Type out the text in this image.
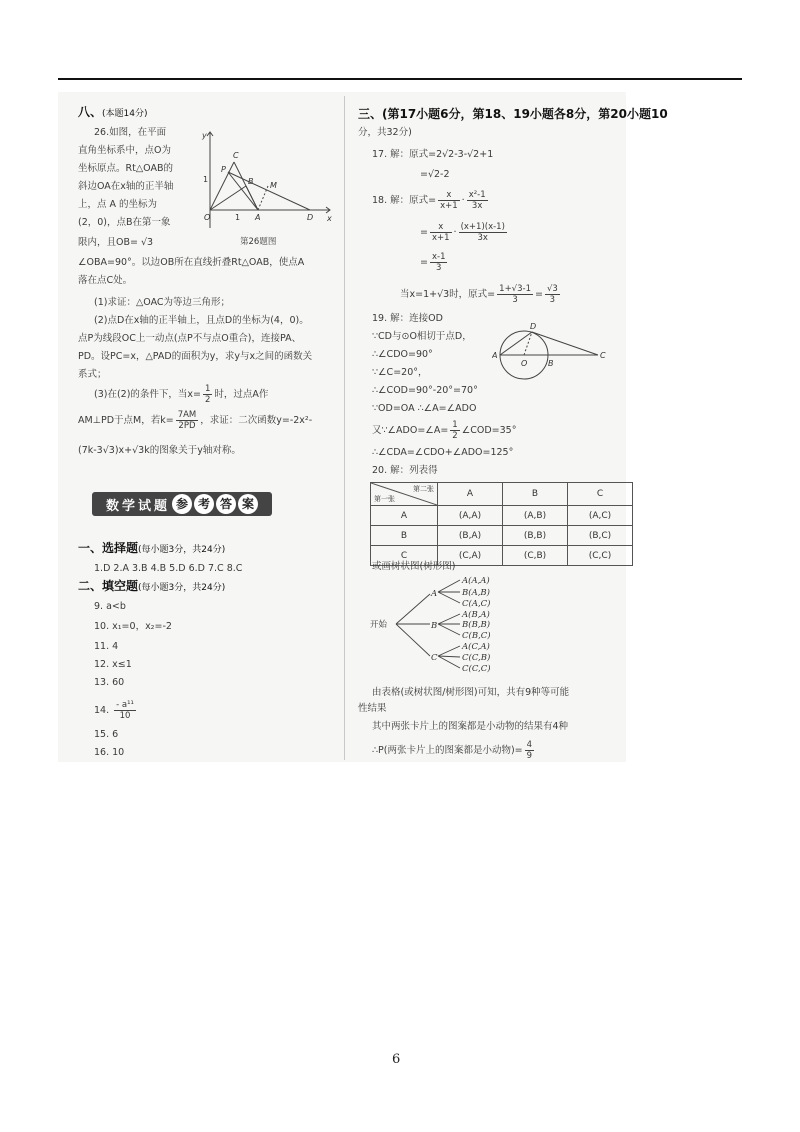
八、(本题14分)
26.如图，在平面
直角坐标系中，点O为
坐标原点。Rt△OAB的
斜边OA在x轴的正半轴
上，点 A 的坐标为
(2，0)，点B在第一象
限内，且OB= √3
y
x
O	A	D
C
B M
P
1
1
第26题图
∠OBA=90°。以边OB所在直线折叠Rt△OAB，使点A
落在点C处。
(1)求证：△OAC为等边三角形；
(2)点D在x轴的正半轴上，且点D的坐标为(4，0)。
点P为线段OC上一动点(点P不与点O重合)，连接PA、
PD。设PC=x，△PAD的面积为y，求y与x之间的函数关
系式；
(3)在(2)的条件下，当$x= \frac{1}{2}$ 时，过点A作
AM⊥PD于点M，若$k= \frac{7AM}{2PD}$ ，求证：二次函数y=-2x²-
(7k-3√3)x+√3k的图象关于y轴对称。
数学试题 参 考 答 案
一、选择题(每小题3分，共24分)
1.D 2.A 3.B 4.B 5.D 6.D 7.C 8.C
二、填空题(每小题3分，共24分)
9. a<b
10. x₁=0，x₂=-2
11. 4
12. x≤1
13. 60
14. $\frac{\text{- a¹¹}}{10}$
15. 6
16. 10
三、(第17小题6分，第18、19小题各8分，第20小题10
分，共32分)
17. 解：原式=2√2-3-√2+1
=√2-2
18. 解：原式= $\frac{x}{x+1} \cdot \frac{\text{x²-1}}{3x}$
= $\frac{x}{x+1} \cdot \frac{(x+1)(x-1)}{3x}$
= $\frac{x-1}{3}$
当x=1+√3时，原式= $\frac{1+√3-1}{3} = \frac{√3}{3}$
19. 解：连接OD
∵CD与⊙O相切于点D，
∴∠CDO=90°
∵∠C=20°，
∴∠COD=90°-20°=70°
∵OD=OA ∴∠A=∠ADO
又∵∠ADO=∠A= $\frac{1}{2}$ ∠COD=35°
∴∠CDA=∠CDO+∠ADO=125°
D
A
O	B
C
20. 解：列表得
第二张
第一张	A	B	C
A	(A,A)	(A,B)	(A,C)
B	(B,A)	(B,B)	(B,C)
C	(C,A)	(C,B)	(C,C)
或画树状图(树形图)
开始
A
B
C
A(A,A)
B(A,B)
C(A,C)
A(B,A)
B(B,B)
C(B,C)
A(C,A)
C(C,B)
C(C,C)
由表格(或树状图/树形图)可知，共有9种等可能
性结果
其中两张卡片上的图案都是小动物的结果有4种
∴P(两张卡片上的图案都是小动物)= $\frac{4}{9}$
6
